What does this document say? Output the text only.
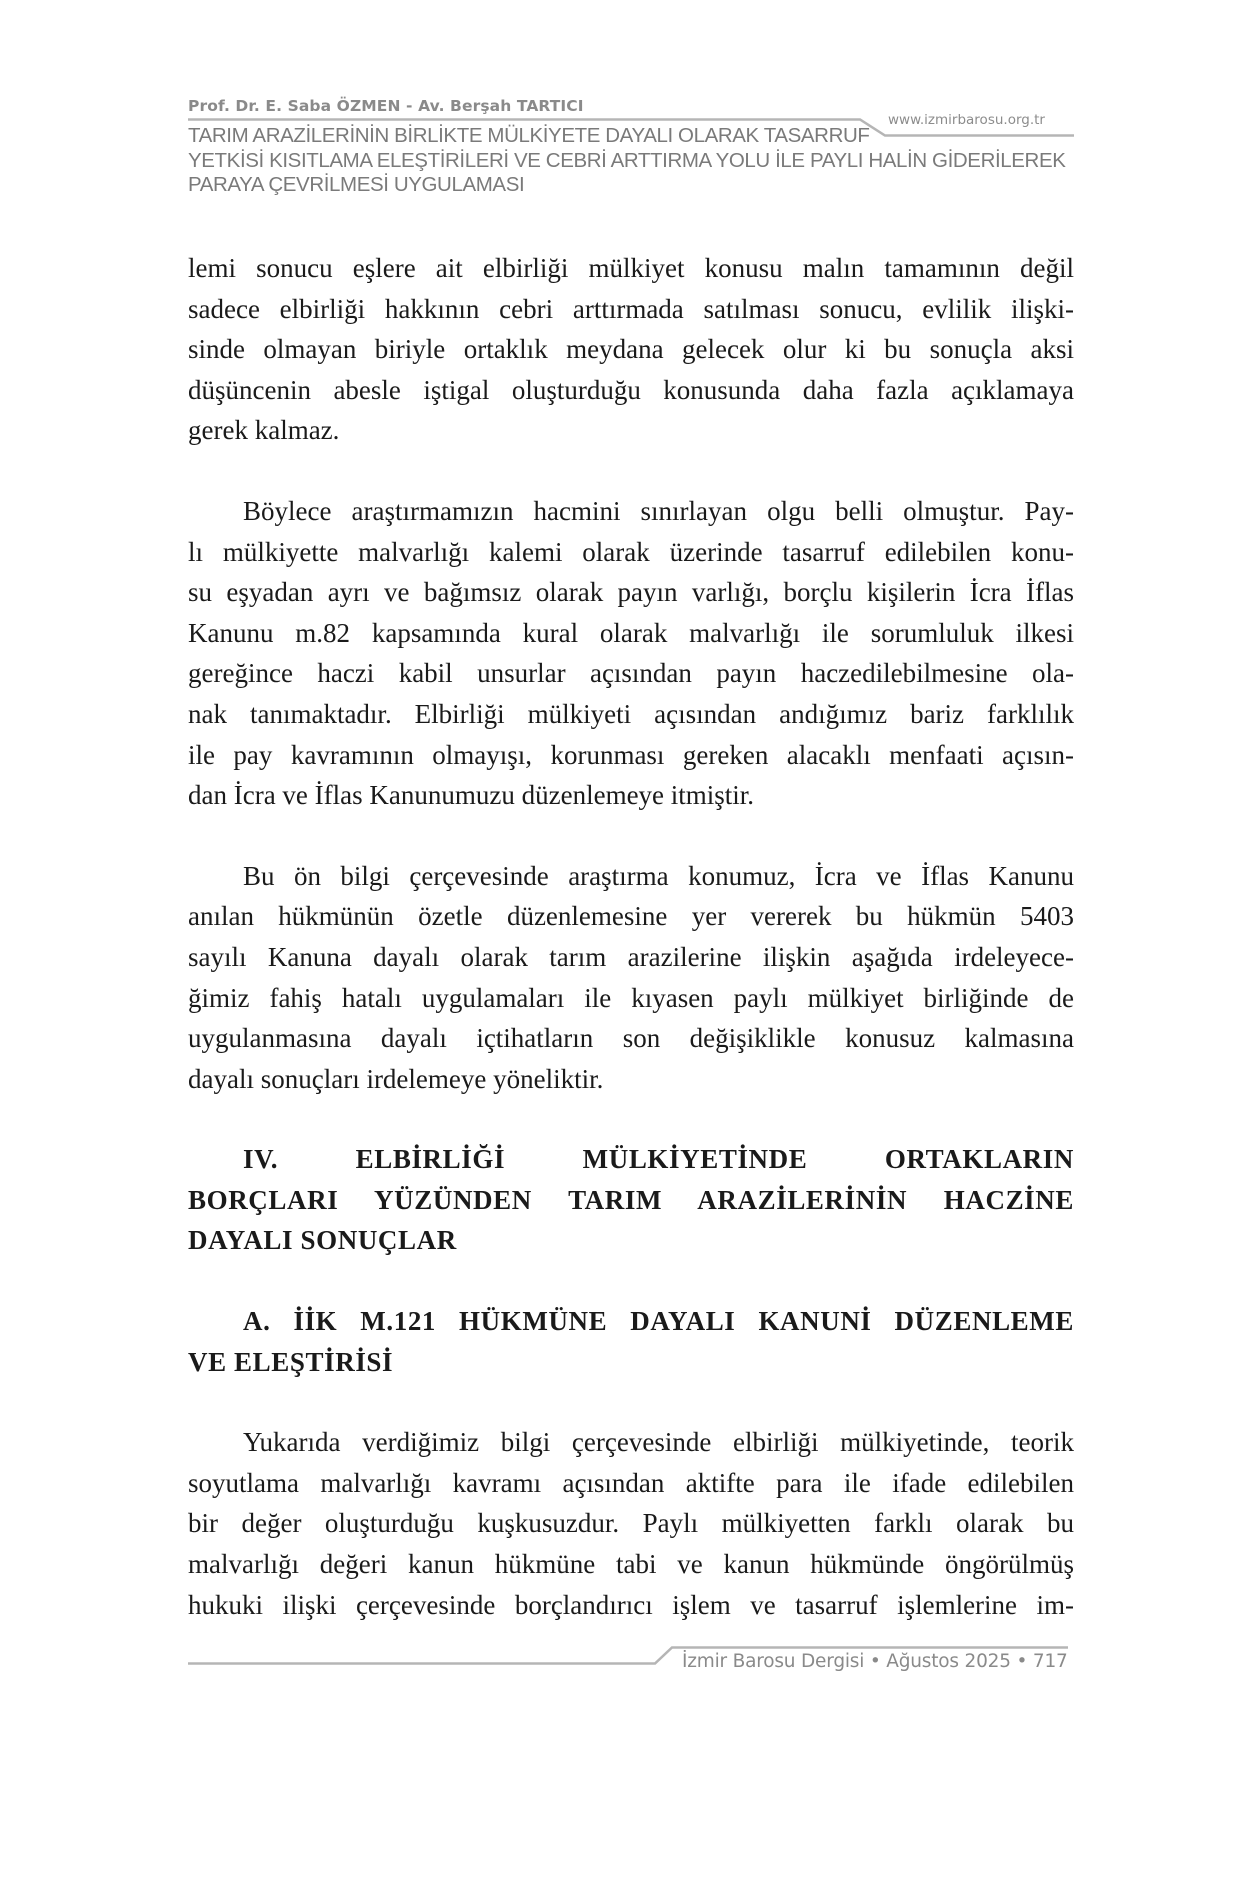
Prof. Dr. E. Saba ÖZMEN - Av. Berşah TARTICI
www.izmirbarosu.org.tr
TARIM ARAZİLERİNİN BİRLİKTE MÜLKİYETE DAYALI OLARAK TASARRUF
YETKİSİ KISITLAMA ELEŞTİRİLERİ VE CEBRİ ARTTIRMA YOLU İLE PAYLI HALİN GİDERİLEREK
PARAYA ÇEVRİLMESİ UYGULAMASI

lemi sonucu eşlere ait elbirliği mülkiyet konusu malın tamamının değil
sadece elbirliği hakkının cebri arttırmada satılması sonucu, evlilik ilişki-
sinde olmayan biriyle ortaklık meydana gelecek olur ki bu sonuçla aksi
düşüncenin abesle iştigal oluşturduğu konusunda daha fazla açıklamaya
gerek kalmaz.

Böylece araştırmamızın hacmini sınırlayan olgu belli olmuştur. Pay-
lı mülkiyette malvarlığı kalemi olarak üzerinde tasarruf edilebilen konu-
su eşyadan ayrı ve bağımsız olarak payın varlığı, borçlu kişilerin İcra İflas
Kanunu m.82 kapsamında kural olarak malvarlığı ile sorumluluk ilkesi
gereğince haczi kabil unsurlar açısından payın haczedilebilmesine ola-
nak tanımaktadır. Elbirliği mülkiyeti açısından andığımız bariz farklılık
ile pay kavramının olmayışı, korunması gereken alacaklı menfaati açısın-
dan İcra ve İflas Kanunumuzu düzenlemeye itmiştir.

Bu ön bilgi çerçevesinde araştırma konumuz, İcra ve İflas Kanunu
anılan hükmünün özetle düzenlemesine yer vererek bu hükmün 5403
sayılı Kanuna dayalı olarak tarım arazilerine ilişkin aşağıda irdeleyece-
ğimiz fahiş hatalı uygulamaları ile kıyasen paylı mülkiyet birliğinde de
uygulanmasına dayalı içtihatların son değişiklikle konusuz kalmasına
dayalı sonuçları irdelemeye yöneliktir.

IV. ELBİRLİĞİ MÜLKİYETİNDE ORTAKLARIN
BORÇLARI YÜZÜNDEN TARIM ARAZİLERİNİN HACZİNE
DAYALI SONUÇLAR
A. İİK M.121 HÜKMÜNE DAYALI KANUNİ DÜZENLEME
VE ELEŞTİRİSİ

Yukarıda verdiğimiz bilgi çerçevesinde elbirliği mülkiyetinde, teorik
soyutlama malvarlığı kavramı açısından aktifte para ile ifade edilebilen
bir değer oluşturduğu kuşkusuzdur. Paylı mülkiyetten farklı olarak bu
malvarlığı değeri kanun hükmüne tabi ve kanun hükmünde öngörülmüş
hukuki ilişki çerçevesinde borçlandırıcı işlem ve tasarruf işlemlerine im-

İzmir Barosu Dergisi • Ağustos 2025 • 717
